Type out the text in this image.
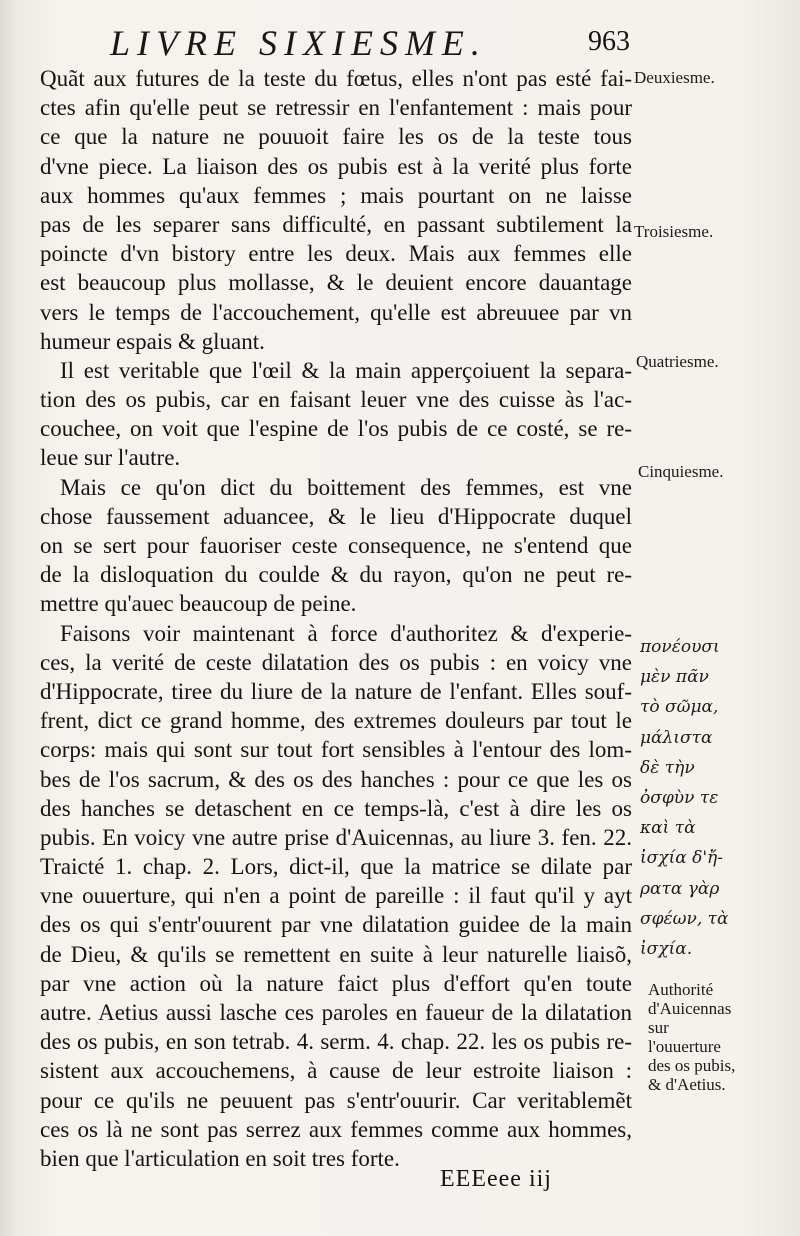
LIVRE SIXIESME.	963
Quãt aux futures de la teste du fœtus, elles n'ont pas esté fai-
ctes afin qu'elle peut se retressir en l'enfantement : mais pour
ce que la nature ne pouuoit faire les os de la teste tous
d'vne piece. La liaison des os pubis est à la verité plus forte
aux hommes qu'aux femmes ; mais pourtant on ne laisse
pas de les separer sans difficulté, en passant subtilement la
poincte d'vn bistory entre les deux. Mais aux femmes elle
est beaucoup plus mollasse, & le deuient encore dauantage
vers le temps de l'accouchement, qu'elle est abreuuee par vn
humeur espais & gluant.
Il est veritable que l'œil & la main apperçoiuent la separa-
tion des os pubis, car en faisant leuer vne des cuisse às l'ac-
couchee, on voit que l'espine de l'os pubis de ce costé, se re-
leue sur l'autre.
Mais ce qu'on dict du boittement des femmes, est vne
chose faussement aduancee, & le lieu d'Hippocrate duquel
on se sert pour fauoriser ceste consequence, ne s'entend que
de la disloquation du coulde & du rayon, qu'on ne peut re-
mettre qu'auec beaucoup de peine.
Faisons voir maintenant à force d'authoritez & d'experie-
ces, la verité de ceste dilatation des os pubis : en voicy vne
d'Hippocrate, tiree du liure de la nature de l'enfant. Elles souf-
frent, dict ce grand homme, des extremes douleurs par tout le
corps: mais qui sont sur tout fort sensibles à l'entour des lom-
bes de l'os sacrum, & des os des hanches : pour ce que les os
des hanches se detaschent en ce temps-là, c'est à dire les os
pubis. En voicy vne autre prise d'Auicennas, au liure 3. fen. 22.
Traicté 1. chap. 2. Lors, dict-il, que la matrice se dilate par
vne ouuerture, qui n'en a point de pareille : il faut qu'il y ayt
des os qui s'entr'ouurent par vne dilatation guidee de la main
de Dieu, & qu'ils se remettent en suite à leur naturelle liaisõ,
par vne action où la nature faict plus d'effort qu'en toute
autre. Aetius aussi lasche ces paroles en faueur de la dilatation
des os pubis, en son tetrab. 4. serm. 4. chap. 22. les os pubis re-
sistent aux accouchemens, à cause de leur estroite liaison :
pour ce qu'ils ne peuuent pas s'entr'ouurir. Car veritablemẽt
ces os là ne sont pas serrez aux femmes comme aux hommes,
bien que l'articulation en soit tres forte.
Deuxiesme.
Troisiesme.
Quatriesme.
Cinquiesme.
πονέουσι
μὲν πᾶν
τὸ σῶμα,
μάλιστα
δὲ τὴν
ὀσφὺν τε
καὶ τὰ
ἰσχία δ'ἤ-
ρατα γὰρ
σφέων, τὰ
ἰσχία.
Authorité d'Auicennas sur l'ouuerture des os pubis, & d'Aetius.
EEEeee iij
